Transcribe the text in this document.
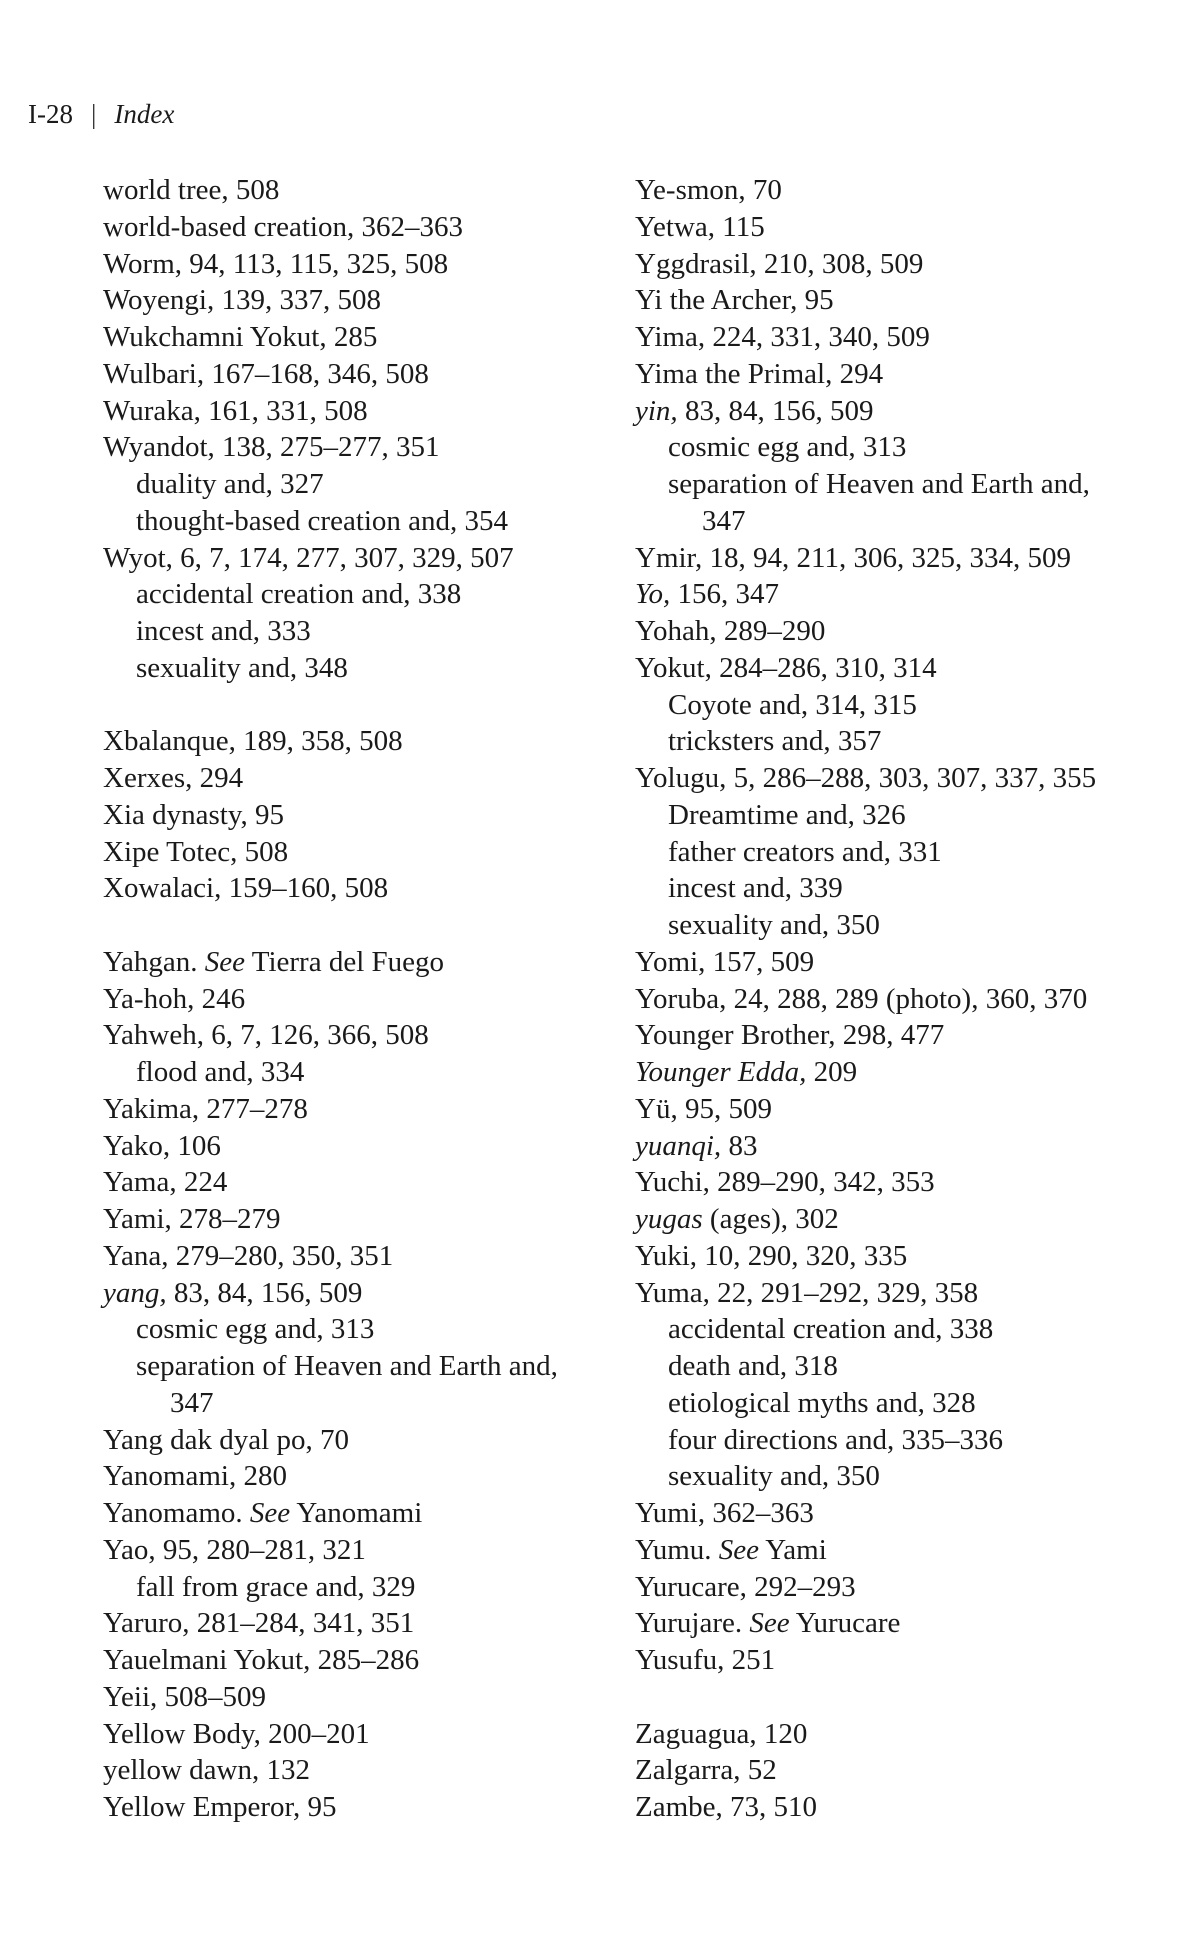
I-28 | Index
world tree, 508
world-based creation, 362–363
Worm, 94, 113, 115, 325, 508
Woyengi, 139, 337, 508
Wukchamni Yokut, 285
Wulbari, 167–168, 346, 508
Wuraka, 161, 331, 508
Wyandot, 138, 275–277, 351
duality and, 327
thought-based creation and, 354
Wyot, 6, 7, 174, 277, 307, 329, 507
accidental creation and, 338
incest and, 333
sexuality and, 348
Xbalanque, 189, 358, 508
Xerxes, 294
Xia dynasty, 95
Xipe Totec, 508
Xowalaci, 159–160, 508
Yahgan. See Tierra del Fuego
Ya-hoh, 246
Yahweh, 6, 7, 126, 366, 508
flood and, 334
Yakima, 277–278
Yako, 106
Yama, 224
Yami, 278–279
Yana, 279–280, 350, 351
yang, 83, 84, 156, 509
cosmic egg and, 313
separation of Heaven and Earth and,
347
Yang dak dyal po, 70
Yanomami, 280
Yanomamo. See Yanomami
Yao, 95, 280–281, 321
fall from grace and, 329
Yaruro, 281–284, 341, 351
Yauelmani Yokut, 285–286
Yeii, 508–509
Yellow Body, 200–201
yellow dawn, 132
Yellow Emperor, 95
Ye-smon, 70
Yetwa, 115
Yggdrasil, 210, 308, 509
Yi the Archer, 95
Yima, 224, 331, 340, 509
Yima the Primal, 294
yin, 83, 84, 156, 509
cosmic egg and, 313
separation of Heaven and Earth and,
347
Ymir, 18, 94, 211, 306, 325, 334, 509
Yo, 156, 347
Yohah, 289–290
Yokut, 284–286, 310, 314
Coyote and, 314, 315
tricksters and, 357
Yolugu, 5, 286–288, 303, 307, 337, 355
Dreamtime and, 326
father creators and, 331
incest and, 339
sexuality and, 350
Yomi, 157, 509
Yoruba, 24, 288, 289 (photo), 360, 370
Younger Brother, 298, 477
Younger Edda, 209
Yü, 95, 509
yuanqi, 83
Yuchi, 289–290, 342, 353
yugas (ages), 302
Yuki, 10, 290, 320, 335
Yuma, 22, 291–292, 329, 358
accidental creation and, 338
death and, 318
etiological myths and, 328
four directions and, 335–336
sexuality and, 350
Yumi, 362–363
Yumu. See Yami
Yurucare, 292–293
Yurujare. See Yurucare
Yusufu, 251
Zaguagua, 120
Zalgarra, 52
Zambe, 73, 510
